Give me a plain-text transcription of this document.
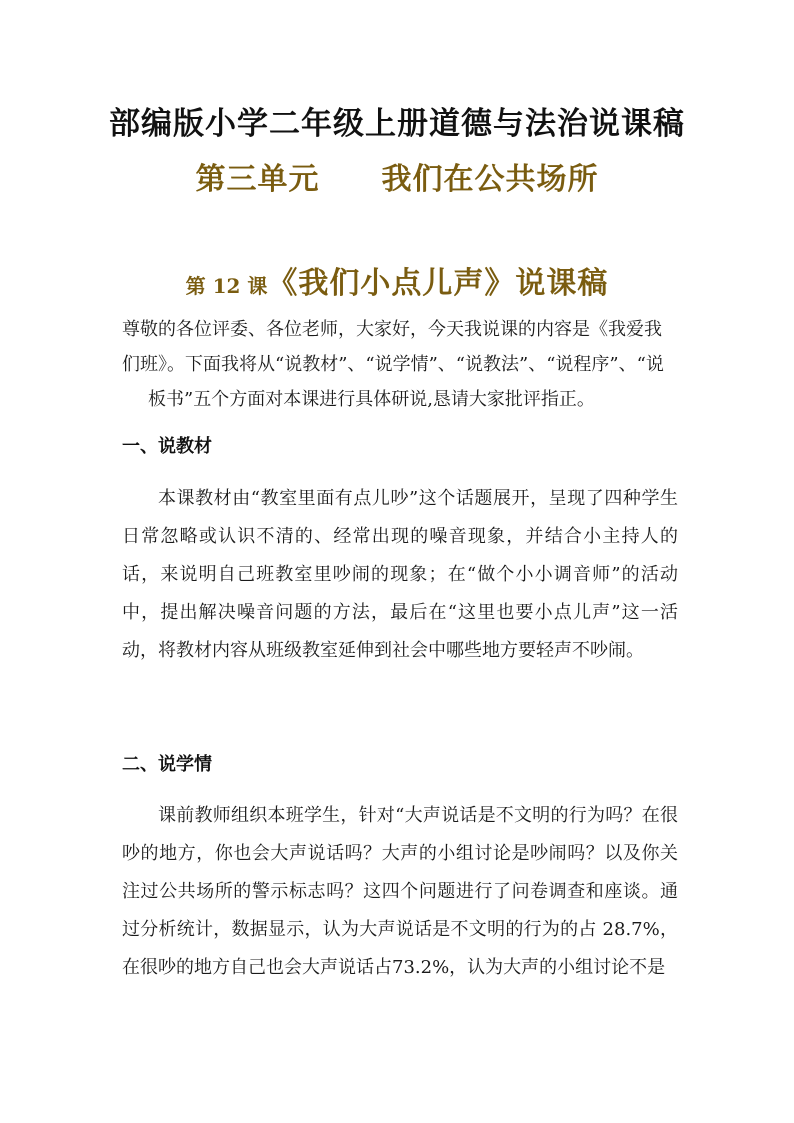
部编版小学二年级上册道德与法治说课稿
第三单元 我们在公共场所
第 12 课《我们小点儿声》说课稿

尊敬的各位评委、各位老师，大家好，今天我说课的内容是《我爱我

们班》。下面我将从“说教材”、“说学情”、“说教法”、“说程序”、“说

板书”五个方面对本课进行具体研说,恳请大家批评指正。

一、说教材

本课教材由“教室里面有点儿吵”这个话题展开，呈现了四种学生日常忽略或认识不清的、经常出现的噪音现象，并结合小主持人的话，来说明自己班教室里吵闹的现象；在“做个小小调音师”的活动中，提出解决噪音问题的方法，最后在“这里也要小点儿声”这一活动，将教材内容从班级教室延伸到社会中哪些地方要轻声不吵闹。

二、说学情

课前教师组织本班学生，针对“大声说话是不文明的行为吗？在很吵的地方，你也会大声说话吗？大声的小组讨论是吵闹吗？以及你关注过公共场所的警示标志吗？这四个问题进行了问卷调查和座谈。通过分析统计，数据显示，认为大声说话是不文明的行为的占 28.7%，在很吵的地方自己也会大声说话占73.2%，认为大声的小组讨论不是
